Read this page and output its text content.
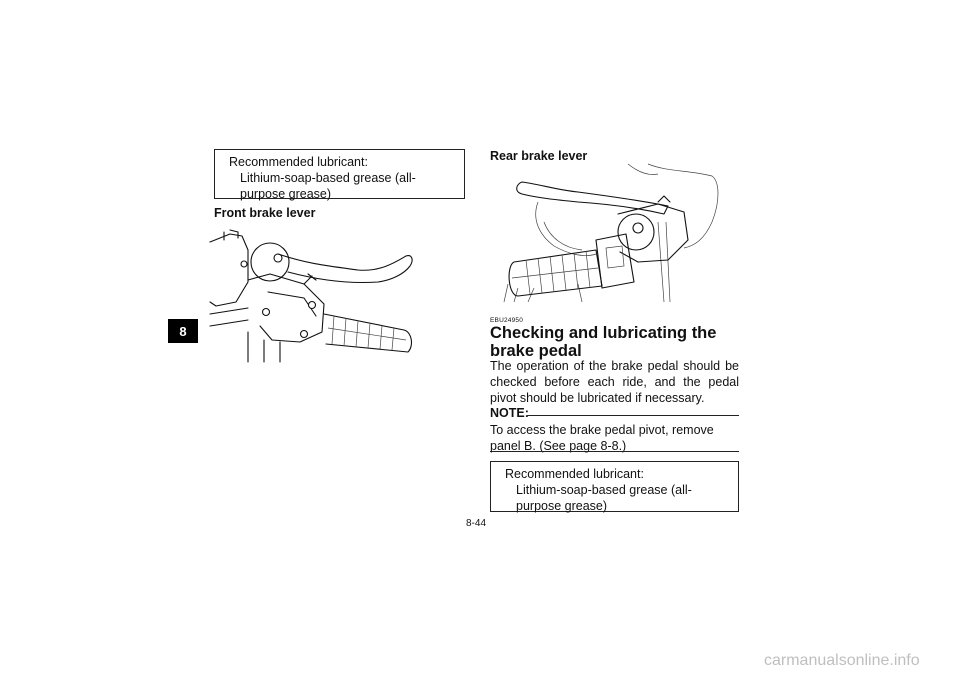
8
Recommended lubricant:
Lithium-soap-based grease (all-purpose grease)
Front brake lever
Rear brake lever
EBU24950
Checking and lubricating the brake pedal
The operation of the brake pedal should be checked before each ride, and the pedal pivot should be lubricated if necessary.
NOTE:
To access the brake pedal pivot, remove panel B. (See page 8-8.)
Recommended lubricant:
Lithium-soap-based grease (all-purpose grease)
8-44
carmanualsonline.info
